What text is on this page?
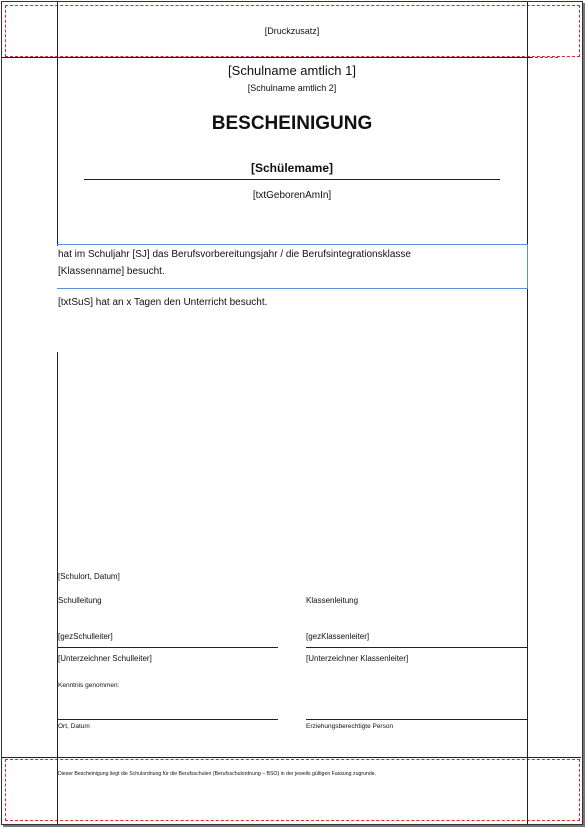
[Druckzusatz]
[Schulname amtlich 1]
[Schulname amtlich 2]
BESCHEINIGUNG
[Schülemame]
[txtGeborenAmIn]
hat im Schuljahr [SJ] das Berufsvorbereitungsjahr / die Berufsintegrationsklasse
[Klassenname] besucht.
[txtSuS] hat an x Tagen den Unterricht besucht.
[Schulort, Datum]
Schulleitung	Klassenleitung
[gezSchulleiter]	[gezKlassenleiter]
[Unterzeichner Schulleiter]	[Unterzeichner Klassenleiter]
Kenntnis genommen:
Ort, Datum	Erziehungsberechtigte Person
Dieser Bescheinigung liegt die Schulordnung für die Berufsschulen (Berufsschulordnung – BSO) in der jeweils gültigen Fassung zugrunde.
